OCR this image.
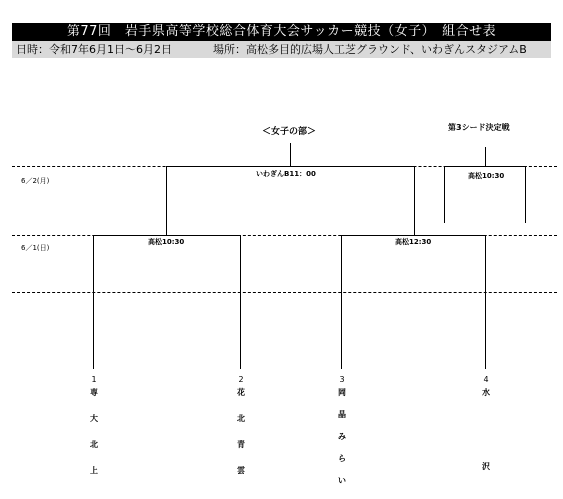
第77回　岩手県高等学校総合体育大会サッカー競技（女子）　組合せ表
日時：令和7年6月1日～6月2日	場所：高松多目的広場人工芝グラウンド、いわぎんスタジアムB
＜女子の部＞	第3シード決定戦
6／2(月)
6／1(日)
いわぎんB11：00	高松10:30
高松10:30	高松12:30
1	2	3	4
専
大
北
上
花
北
青
雲
岡
晶
み
ら
い
水

沢
